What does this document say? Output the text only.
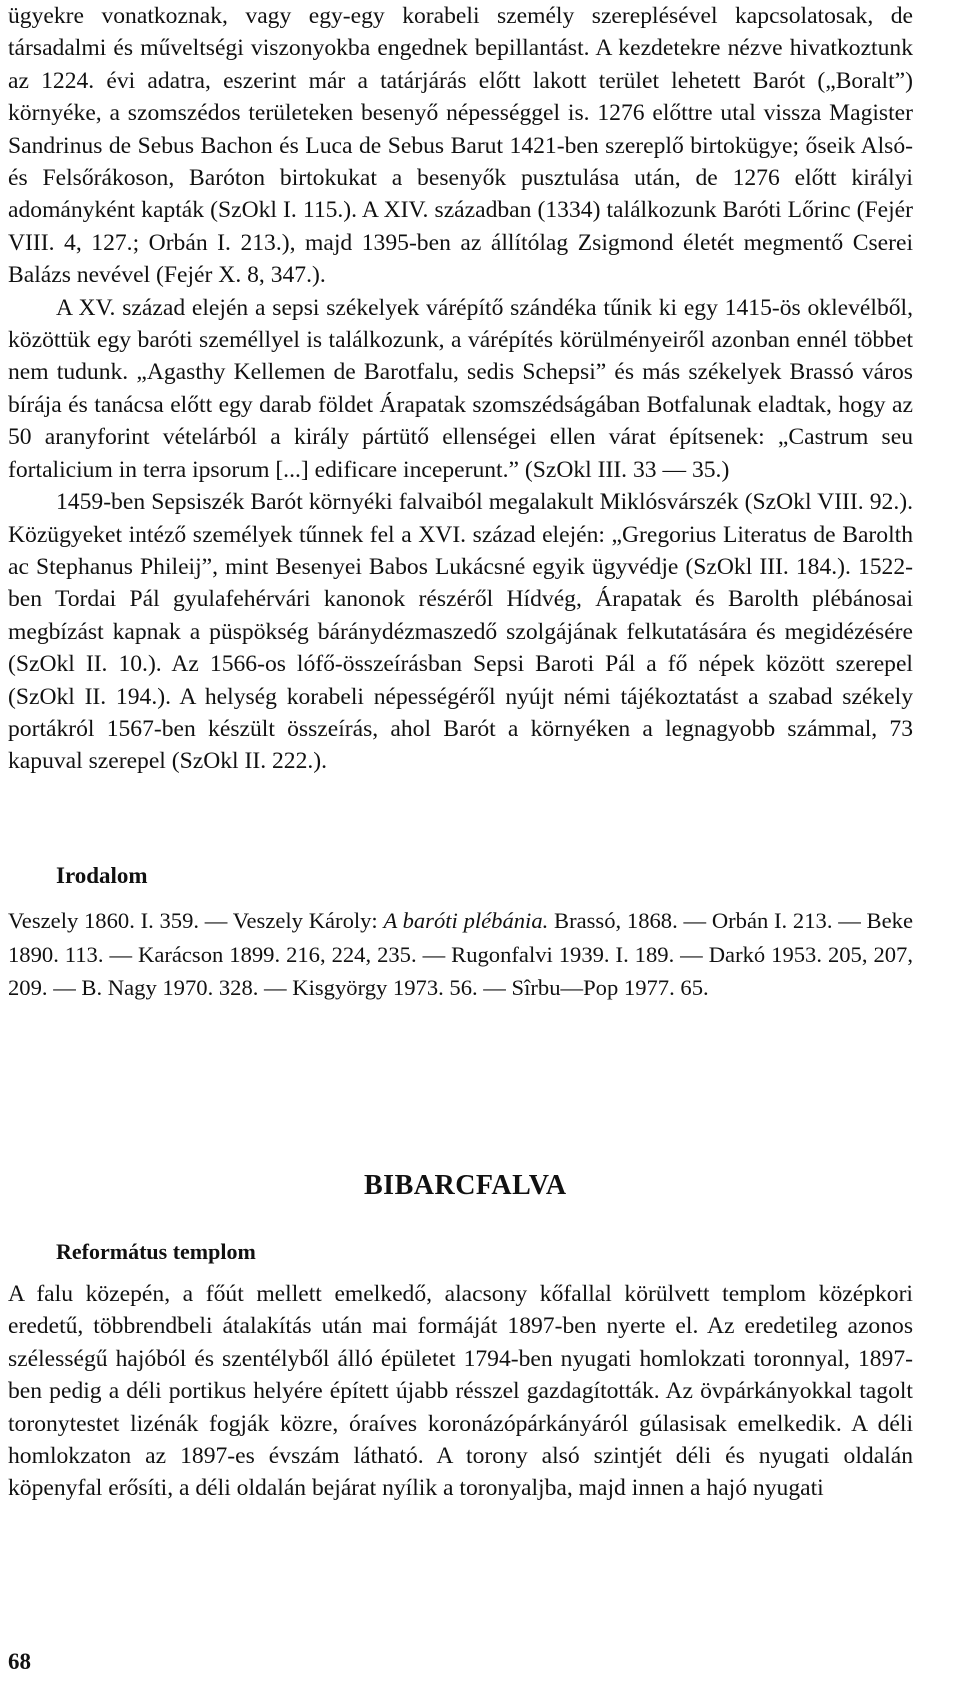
ügyekre vonatkoznak, vagy egy-egy korabeli személy szereplésével kapcsolatosak, de társadalmi és műveltségi viszonyokba engednek bepillantást. A kezdetekre nézve hivatkoztunk az 1224. évi adatra, eszerint már a tatárjárás előtt lakott terület lehetett Barót („Boralt”) környéke, a szomszédos területeken besenyő népességgel is. 1276 előttre utal vissza Magister Sandrinus de Sebus Bachon és Luca de Sebus Barut 1421-ben szereplő birtokügye; őseik Alsó- és Felsőrákoson, Baróton birtokukat a besenyők pusztulása után, de 1276 előtt királyi adományként kapták (SzOkl I. 115.). A XIV. században (1334) találkozunk Baróti Lőrinc (Fejér VIII. 4, 127.; Orbán I. 213.), majd 1395-ben az állítólag Zsigmond életét megmentő Cserei Balázs nevével (Fejér X. 8, 347.).

A XV. század elején a sepsi székelyek várépítő szándéka tűnik ki egy 1415-ös oklevélből, közöttük egy baróti személlyel is találkozunk, a várépítés körülményeiről azonban ennél többet nem tudunk. „Agasthy Kellemen de Barotfalu, sedis Schepsi” és más székelyek Brassó város bírája és tanácsa előtt egy darab földet Árapatak szomszédságában Botfalunak eladtak, hogy az 50 aranyforint vételárból a király pártütő ellenségei ellen várat építsenek: „Castrum seu fortalicium in terra ipsorum [...] edificare inceperunt.” (SzOkl III. 33 — 35.)

1459-ben Sepsiszék Barót környéki falvaiból megalakult Miklósvárszék (SzOkl VIII. 92.). Közügyeket intéző személyek tűnnek fel a XVI. század elején: „Gregorius Literatus de Barolth ac Stephanus Phileij”, mint Besenyei Babos Lukácsné egyik ügyvédje (SzOkl III. 184.). 1522-ben Tordai Pál gyulafehérvári kanonok részéről Hídvég, Árapatak és Barolth plébánosai megbízást kapnak a püspökség báránydézmaszedő szolgájának felkutatására és megidézésére (SzOkl II. 10.). Az 1566-os lófő-összeírásban Sepsi Baroti Pál a fő népek között szerepel (SzOkl II. 194.). A helység korabeli népességéről nyújt némi tájékoztatást a szabad székely portákról 1567-ben készült összeírás, ahol Barót a környéken a legnagyobb számmal, 73 kapuval szerepel (SzOkl II. 222.).

Irodalom

Veszely 1860. I. 359. — Veszely Károly: A baróti plébánia. Brassó, 1868. — Orbán I. 213. — Beke 1890. 113. — Karácson 1899. 216, 224, 235. — Rugonfalvi 1939. I. 189. — Darkó 1953. 205, 207, 209. — B. Nagy 1970. 328. — Kisgyörgy 1973. 56. — Sîrbu—Pop 1977. 65.

BIBARCFALVA
Református templom

A falu közepén, a főút mellett emelkedő, alacsony kőfallal körülvett templom középkori eredetű, többrendbeli átalakítás után mai formáját 1897-ben nyerte el. Az eredetileg azonos szélességű hajóból és szentélyből álló épületet 1794-ben nyugati homlokzati toronnyal, 1897-ben pedig a déli portikus helyére épített újabb résszel gazdagították. Az övpárkányokkal tagolt toronytestet lizénák fogják közre, óraíves koronázópárkányáról gúlasisak emelkedik. A déli homlokzaton az 1897-es évszám látható. A torony alsó szintjét déli és nyugati oldalán köpenyfal erősíti, a déli oldalán bejárat nyílik a toronyaljba, majd innen a hajó nyugati

68
